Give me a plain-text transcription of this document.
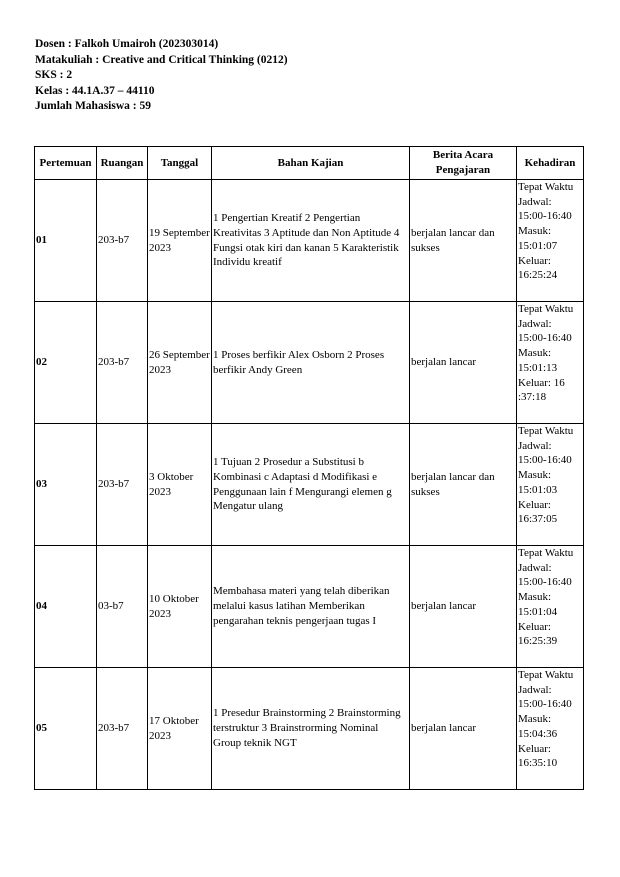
Dosen : Falkoh Umairoh (202303014)
Matakuliah : Creative and Critical Thinking (0212)
SKS : 2
Kelas : 44.1A.37 – 44110
Jumlah Mahasiswa : 59
Pertemuan	Ruangan	Tanggal	Bahan Kajian	Berita Acara Pengajaran	Kehadiran
01	203-b7	19 September 2023	1 Pengertian Kreatif 2 Pengertian Kreativitas 3 Aptitude dan Non Aptitude 4 Fungsi otak kiri dan kanan 5 Karakteristik Individu kreatif	berjalan lancar dan sukses	Tepat Waktu Jadwal: 15:00-16:40 Masuk: 15:01:07 Keluar: 16:25:24
02	203-b7	26 September 2023	1 Proses berfikir Alex Osborn 2 Proses berfikir Andy Green	berjalan lancar	Tepat Waktu Jadwal: 15:00-16:40 Masuk: 15:01:13 Keluar: 16 :37:18
03	203-b7	3 Oktober 2023	1 Tujuan 2 Prosedur a Substitusi b Kombinasi c Adaptasi d Modifikasi e Penggunaan lain f Mengurangi elemen g Mengatur ulang	berjalan lancar dan sukses	Tepat Waktu Jadwal: 15:00-16:40 Masuk: 15:01:03 Keluar: 16:37:05
04	03-b7	10 Oktober 2023	Membahasa materi yang telah diberikan melalui kasus latihan Memberikan pengarahan teknis pengerjaan tugas I	berjalan lancar	Tepat Waktu Jadwal: 15:00-16:40 Masuk: 15:01:04 Keluar: 16:25:39
05	203-b7	17 Oktober 2023	1 Presedur Brainstorming 2 Brainstorming terstruktur 3 Brainstrorming Nominal Group teknik NGT	berjalan lancar	Tepat Waktu Jadwal: 15:00-16:40 Masuk: 15:04:36 Keluar: 16:35:10
